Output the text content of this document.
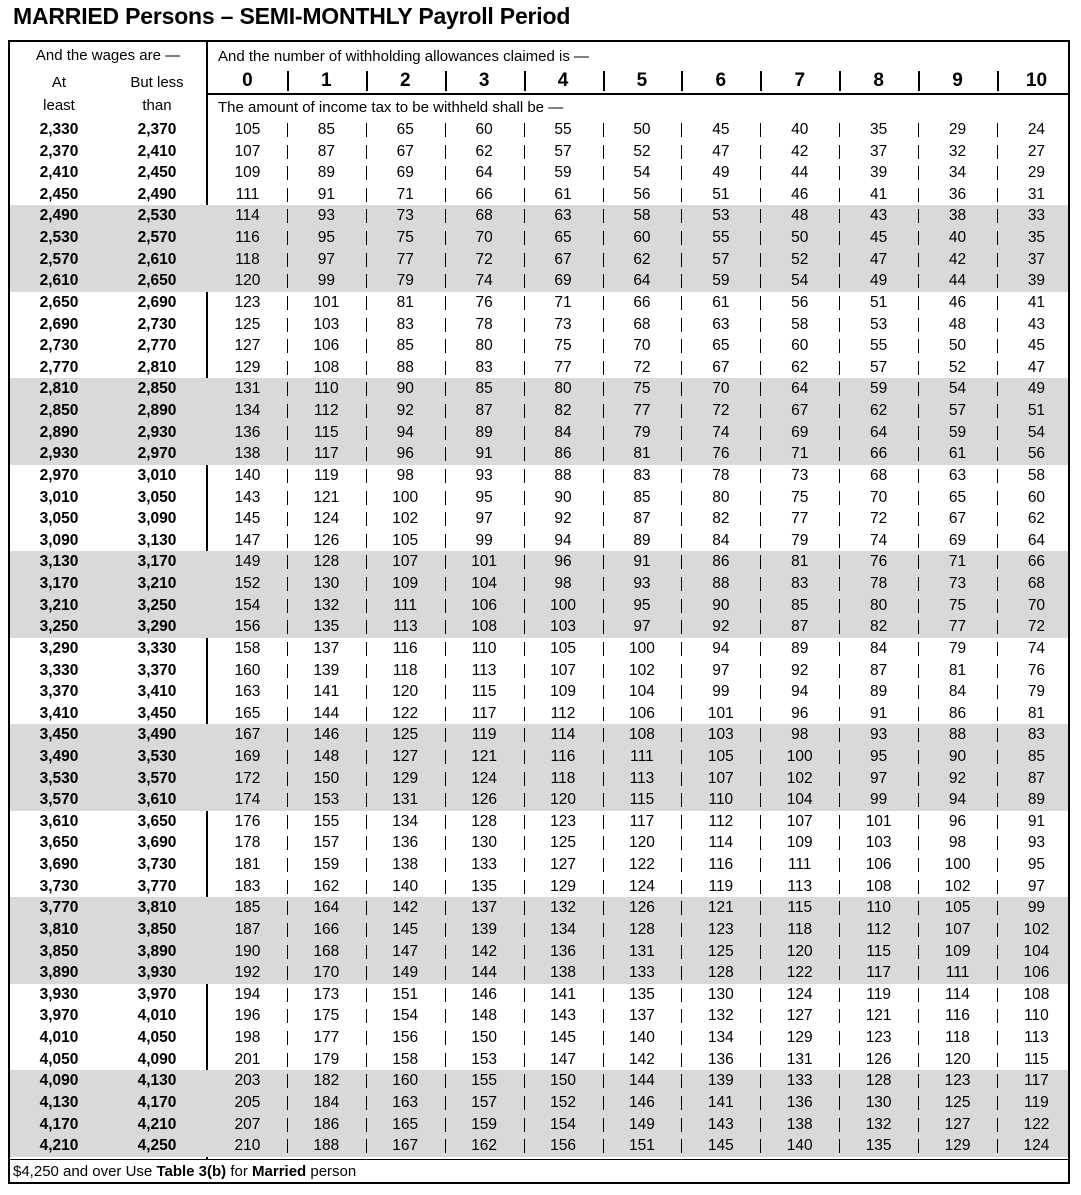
MARRIED Persons – SEMI-MONTHLY Payroll Period
And the wages are —
At
least
But less
than
And the number of withholding allowances claimed is —
The amount of income tax to be withheld shall be —
0	1	2	3	4	5	6	7	8	9	10
2,330	2,370	105	85	65	60	55	50	45	40	35	29	24
2,370	2,410	107	87	67	62	57	52	47	42	37	32	27
2,410	2,450	109	89	69	64	59	54	49	44	39	34	29
2,450	2,490	111	91	71	66	61	56	51	46	41	36	31
2,490	2,530	114	93	73	68	63	58	53	48	43	38	33
2,530	2,570	116	95	75	70	65	60	55	50	45	40	35
2,570	2,610	118	97	77	72	67	62	57	52	47	42	37
2,610	2,650	120	99	79	74	69	64	59	54	49	44	39
2,650	2,690	123	101	81	76	71	66	61	56	51	46	41
2,690	2,730	125	103	83	78	73	68	63	58	53	48	43
2,730	2,770	127	106	85	80	75	70	65	60	55	50	45
2,770	2,810	129	108	88	83	77	72	67	62	57	52	47
2,810	2,850	131	110	90	85	80	75	70	64	59	54	49
2,850	2,890	134	112	92	87	82	77	72	67	62	57	51
2,890	2,930	136	115	94	89	84	79	74	69	64	59	54
2,930	2,970	138	117	96	91	86	81	76	71	66	61	56
2,970	3,010	140	119	98	93	88	83	78	73	68	63	58
3,010	3,050	143	121	100	95	90	85	80	75	70	65	60
3,050	3,090	145	124	102	97	92	87	82	77	72	67	62
3,090	3,130	147	126	105	99	94	89	84	79	74	69	64
3,130	3,170	149	128	107	101	96	91	86	81	76	71	66
3,170	3,210	152	130	109	104	98	93	88	83	78	73	68
3,210	3,250	154	132	111	106	100	95	90	85	80	75	70
3,250	3,290	156	135	113	108	103	97	92	87	82	77	72
3,290	3,330	158	137	116	110	105	100	94	89	84	79	74
3,330	3,370	160	139	118	113	107	102	97	92	87	81	76
3,370	3,410	163	141	120	115	109	104	99	94	89	84	79
3,410	3,450	165	144	122	117	112	106	101	96	91	86	81
3,450	3,490	167	146	125	119	114	108	103	98	93	88	83
3,490	3,530	169	148	127	121	116	111	105	100	95	90	85
3,530	3,570	172	150	129	124	118	113	107	102	97	92	87
3,570	3,610	174	153	131	126	120	115	110	104	99	94	89
3,610	3,650	176	155	134	128	123	117	112	107	101	96	91
3,650	3,690	178	157	136	130	125	120	114	109	103	98	93
3,690	3,730	181	159	138	133	127	122	116	111	106	100	95
3,730	3,770	183	162	140	135	129	124	119	113	108	102	97
3,770	3,810	185	164	142	137	132	126	121	115	110	105	99
3,810	3,850	187	166	145	139	134	128	123	118	112	107	102
3,850	3,890	190	168	147	142	136	131	125	120	115	109	104
3,890	3,930	192	170	149	144	138	133	128	122	117	111	106
3,930	3,970	194	173	151	146	141	135	130	124	119	114	108
3,970	4,010	196	175	154	148	143	137	132	127	121	116	110
4,010	4,050	198	177	156	150	145	140	134	129	123	118	113
4,050	4,090	201	179	158	153	147	142	136	131	126	120	115
4,090	4,130	203	182	160	155	150	144	139	133	128	123	117
4,130	4,170	205	184	163	157	152	146	141	136	130	125	119
4,170	4,210	207	186	165	159	154	149	143	138	132	127	122
4,210	4,250	210	188	167	162	156	151	145	140	135	129	124
$4,250 and over Use Table 3(b) for Married person
